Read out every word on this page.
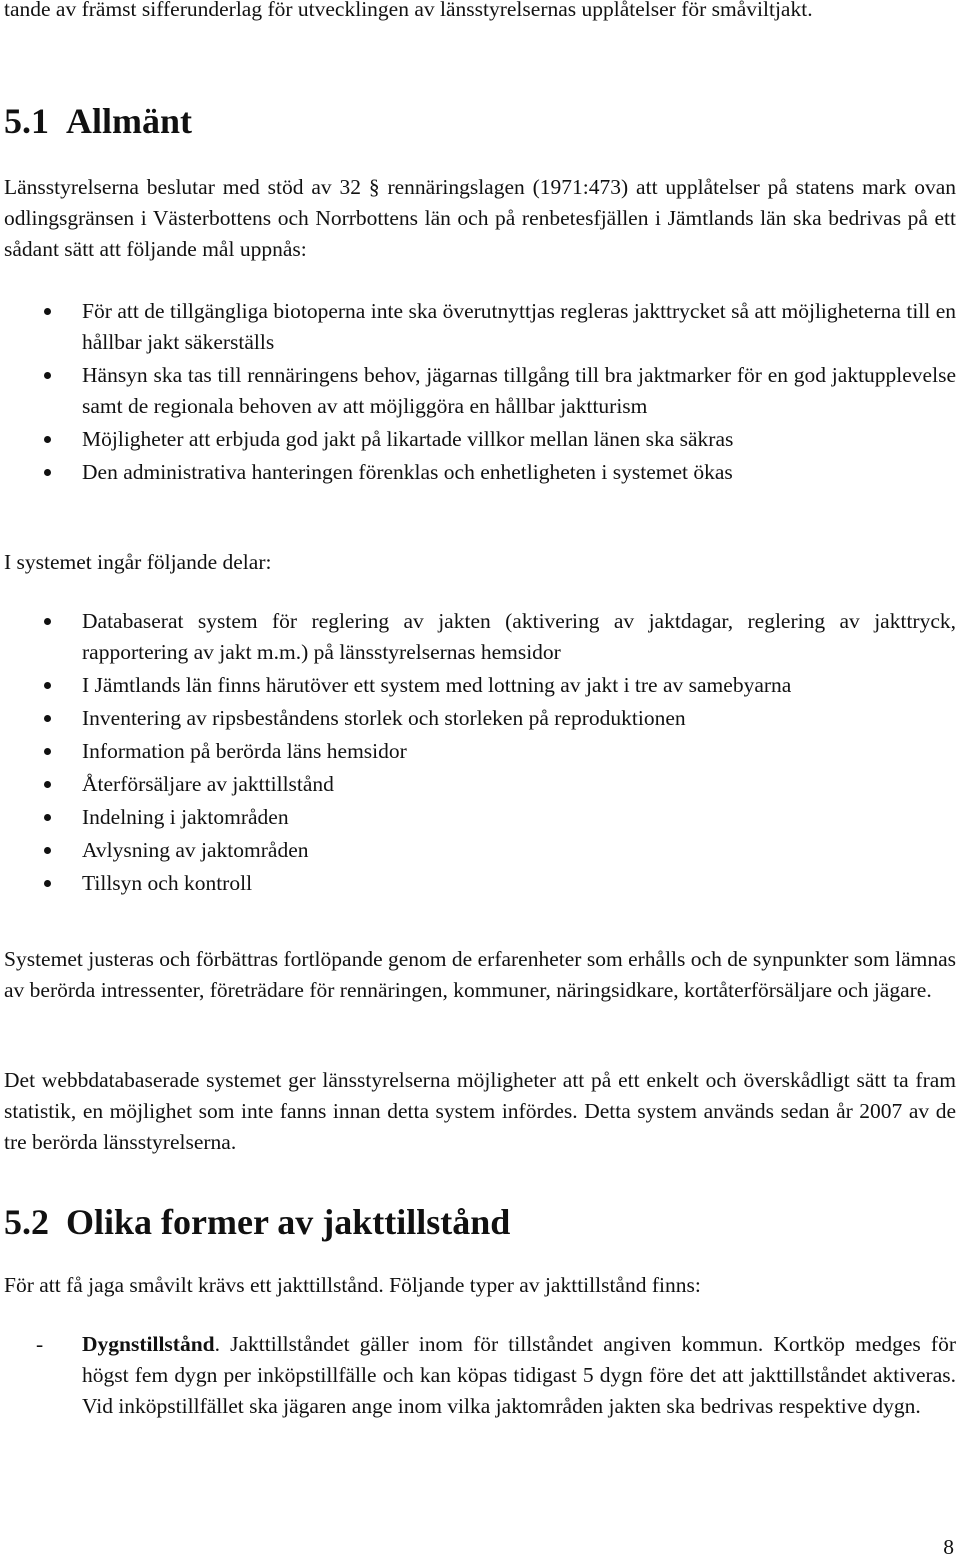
tande av främst sifferunderlag för utvecklingen av länsstyrelsernas upplåtelser för småviltjakt.

5.1 Allmänt

Länsstyrelserna beslutar med stöd av 32 § rennäringslagen (1971:473) att upplåtelser på statens mark ovan odlingsgränsen i Västerbottens och Norrbottens län och på renbetesfjällen i Jämtlands län ska bedrivas på ett sådant sätt att följande mål uppnås:

För att de tillgängliga biotoperna inte ska överutnyttjas regleras jakttrycket så att möjligheterna till en hållbar jakt säkerställs
Hänsyn ska tas till rennäringens behov, jägarnas tillgång till bra jaktmarker för en god jaktupplevelse samt de regionala behoven av att möjliggöra en hållbar jaktturism
Möjligheter att erbjuda god jakt på likartade villkor mellan länen ska säkras
Den administrativa hanteringen förenklas och enhetligheten i systemet ökas

I systemet ingår följande delar:

Databaserat system för reglering av jakten (aktivering av jaktdagar, reglering av jakttryck, rapportering av jakt m.m.) på länsstyrelsernas hemsidor
I Jämtlands län finns härutöver ett system med lottning av jakt i tre av samebyarna
Inventering av ripsbeståndens storlek och storleken på reproduktionen
Information på berörda läns hemsidor
Återförsäljare av jakttillstånd
Indelning i jaktområden
Avlysning av jaktområden
Tillsyn och kontroll

Systemet justeras och förbättras fortlöpande genom de erfarenheter som erhålls och de synpunkter som lämnas av berörda intressenter, företrädare för rennäringen, kommuner, näringsidkare, kortåterförsäljare och jägare.

Det webbdatabaserade systemet ger länsstyrelserna möjligheter att på ett enkelt och överskådligt sätt ta fram statistik, en möjlighet som inte fanns innan detta system infördes. Detta system används sedan år 2007 av de tre berörda länsstyrelserna.

5.2 Olika former av jakttillstånd

För att få jaga småvilt krävs ett jakttillstånd. Följande typer av jakttillstånd finns:

- Dygnstillstånd. Jakttillståndet gäller inom för tillståndet angiven kommun. Kortköp medges för högst fem dygn per inköpstillfälle och kan köpas tidigast 5 dygn före det att jakttillståndet aktiveras. Vid inköpstillfället ska jägaren ange inom vilka jaktområden jakten ska bedrivas respektive dygn.
8
